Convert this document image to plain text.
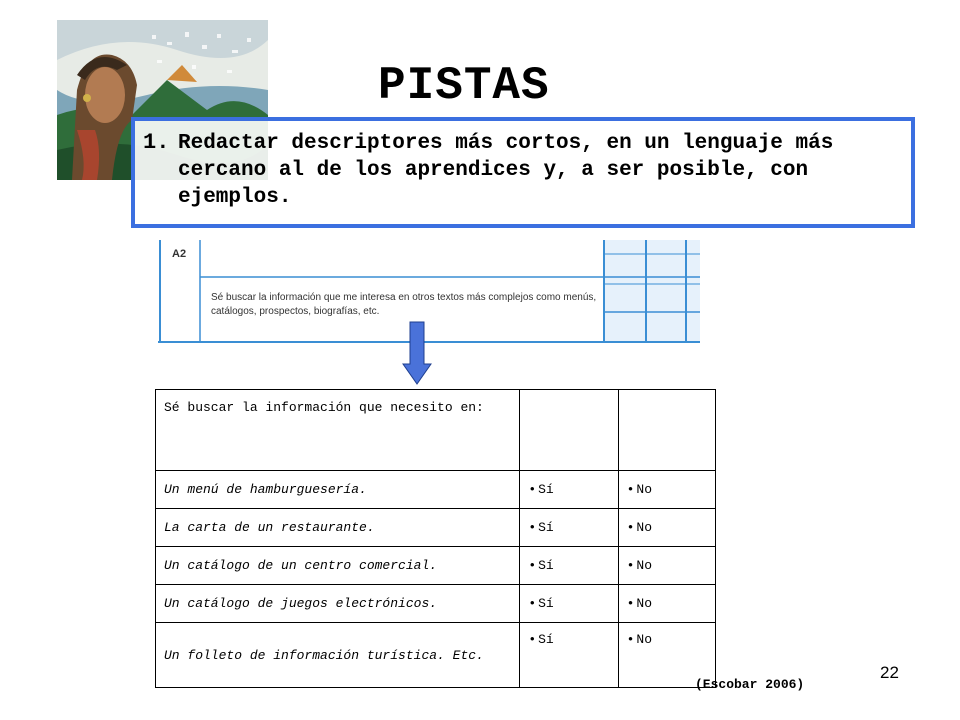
PISTAS
1. Redactar descriptores más cortos, en un lenguaje más cercano al de los aprendices y, a ser posible, con ejemplos.
A2
Sé buscar la información que me interesa en otros textos más complejos como menús, catálogos, prospectos, biografías, etc.
Sé buscar la información que necesito en:		
Un menú de hamburguesería.	• Sí	• No
La carta de un restaurante.	• Sí	• No
Un catálogo de un centro comercial.	• Sí	• No
Un catálogo de juegos electrónicos.	• Sí	• No
Un folleto de información turística. Etc.	• Sí	• No
(Escobar 2006)
22
